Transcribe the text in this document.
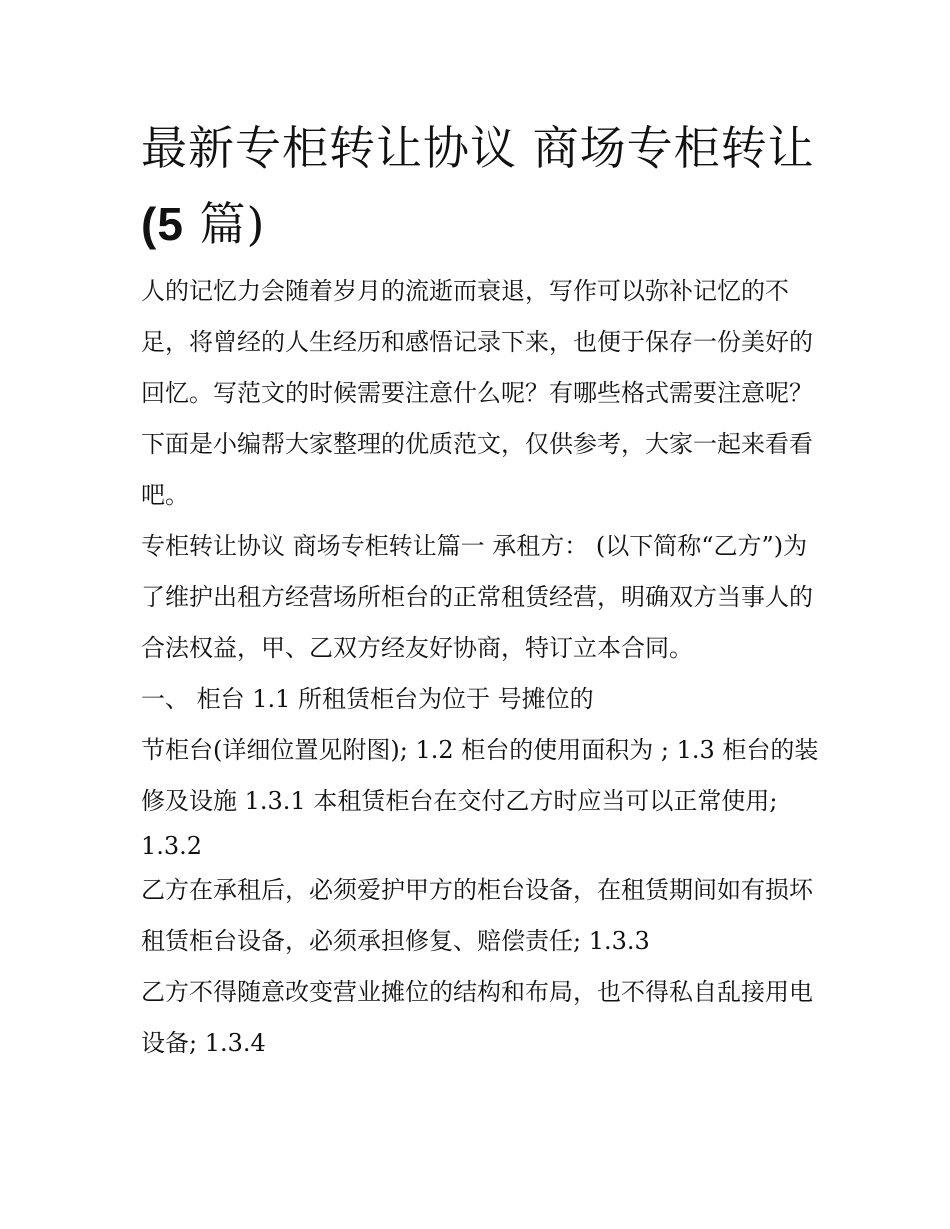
最新专柜转让协议 商场专柜转让(5 篇)

人的记忆力会随着岁月的流逝而衰退，写作可以弥补记忆的不足，将曾经的人生经历和感悟记录下来，也便于保存一份美好的回忆。写范文的时候需要注意什么呢？有哪些格式需要注意呢？下面是小编帮大家整理的优质范文，仅供参考，大家一起来看看吧。

专柜转让协议 商场专柜转让篇一 承租方： (以下简称“乙方”)为了维护出租方经营场所柜台的正常租赁经营，明确双方当事人的合法权益，甲、乙双方经友好协商，特订立本合同。

一、 柜台 1.1 所租赁柜台为位于 号摊位的

节柜台(详细位置见附图); 1.2 柜台的使用面积为 ; 1.3 柜台的装修及设施 1.3.1 本租赁柜台在交付乙方时应当可以正常使用;

1.3.2

乙方在承租后，必须爱护甲方的柜台设备，在租赁期间如有损坏租赁柜台设备，必须承担修复、赔偿责任; 1.3.3

乙方不得随意改变营业摊位的结构和布局，也不得私自乱接用电设备; 1.3.4
